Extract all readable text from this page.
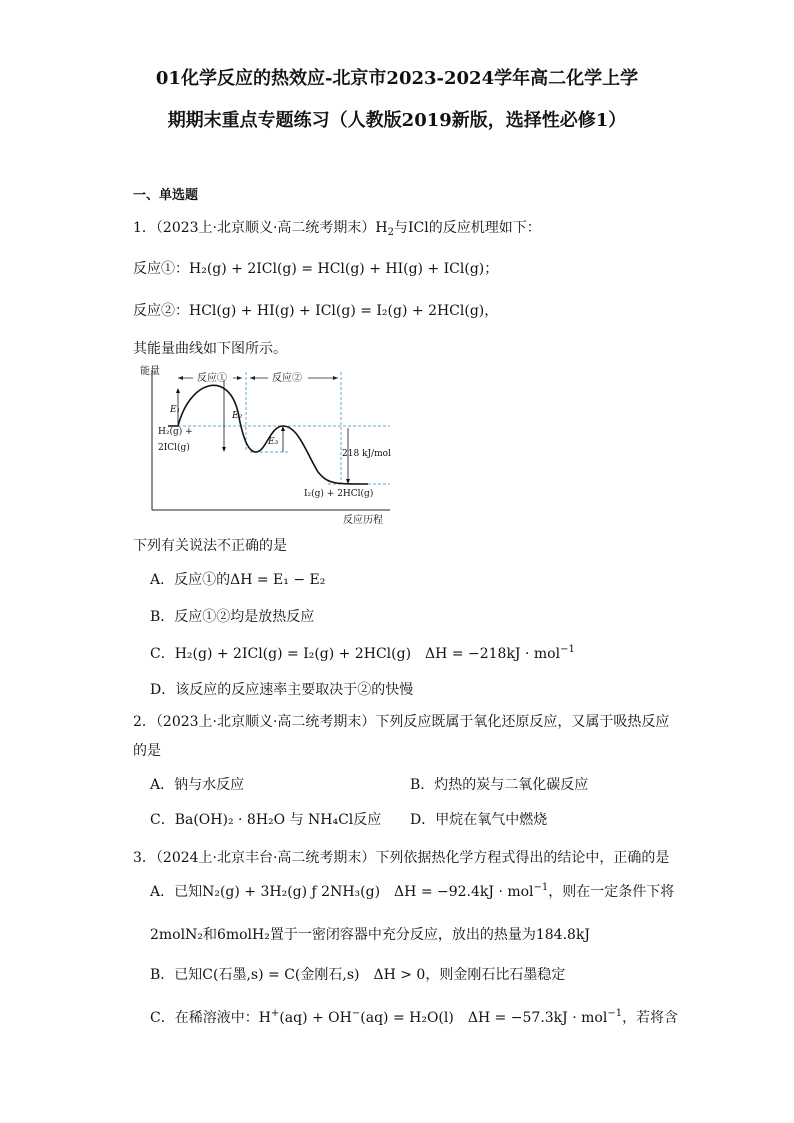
01化学反应的热效应-北京市2023-2024学年高二化学上学
期期末重点专题练习（人教版2019新版，选择性必修1）
一、单选题
1．（2023上·北京顺义·高二统考期末）$H_2$与ICl的反应机理如下：
反应①：H₂(g) + 2ICl(g) = HCl(g) + HI(g) + ICl(g)；
反应②：HCl(g) + HI(g) + ICl(g) = I₂(g) + 2HCl(g)，
其能量曲线如下图所示。
能量
反应历程
反应①	反应②
E₁
E₂
E₃
218 kJ/mol
H₂(g) +
2ICl(g)
I₂(g) + 2HCl(g)
下列有关说法不正确的是
A．反应①的ΔH = E₁ − E₂
B．反应①②均是放热反应
C．H₂(g) + 2ICl(g) = I₂(g) + 2HCl(g)　ΔH = −218kJ · mol$^{-1}$
D．该反应的反应速率主要取决于②的快慢
2．（2023上·北京顺义·高二统考期末）下列反应既属于氧化还原反应，又属于吸热反应
的是
A．钠与水反应	B．灼热的炭与二氧化碳反应
C．Ba(OH)₂ · 8H₂O 与 NH₄Cl反应 D．甲烷在氧气中燃烧
3．（2024上·北京丰台·高二统考期末）下列依据热化学方程式得出的结论中，正确的是
A．已知N₂(g) + 3H₂(g) ƒ 2NH₃(g)　ΔH = −92.4kJ · mol$^{-1}$，则在一定条件下将
2molN₂和6molH₂置于一密闭容器中充分反应，放出的热量为184.8kJ
B．已知C(石墨,s) = C(金刚石,s)　ΔH > 0，则金刚石比石墨稳定
C．在稀溶液中：H+(aq) + OH−(aq) = H₂O(l)　ΔH = −57.3kJ · mol$^{-1}$，若将含
